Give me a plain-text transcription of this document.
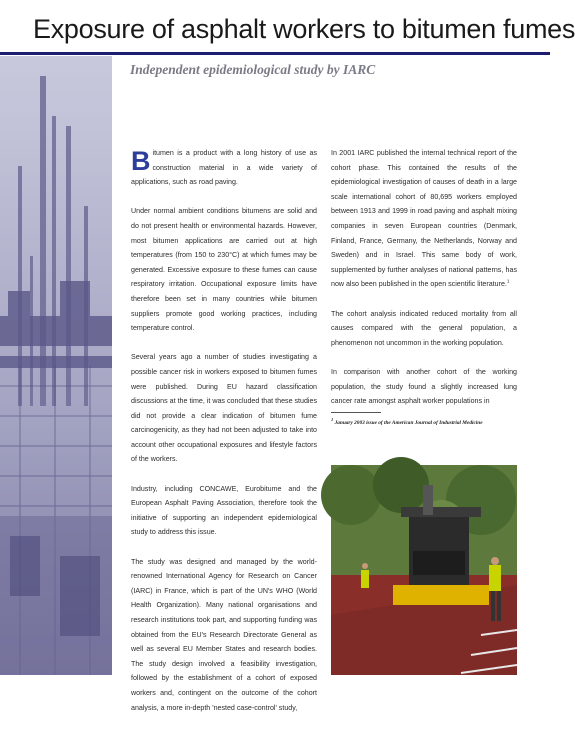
Exposure of asphalt workers to bitumen fumes
Independent epidemiological study by IARC

Bitumen is a product with a long history of use as construction material in a wide variety of applications, such as road paving.

Under normal ambient conditions bitumens are solid and do not present health or environmental hazards. However, most bitumen applications are carried out at high temperatures (from 150 to 230°C) at which fumes may be generated. Excessive exposure to these fumes can cause respiratory irritation. Occupational exposure limits have therefore been set in many countries while bitumen suppliers promote good working practices, including temperature control.

Several years ago a number of studies investigating a possible cancer risk in workers exposed to bitumen fumes were published. During EU hazard classification discussions at the time, it was concluded that these studies did not provide a clear indication of bitumen fume carcinogenicity, as they had not been adjusted to take into account other occupational exposures and lifestyle factors of the workers.

Industry, including CONCAWE, Eurobitume and the European Asphalt Paving Association, therefore took the initiative of supporting an independent epidemiological study to address this issue.

The study was designed and managed by the world-renowned International Agency for Research on Cancer (IARC) in France, which is part of the UN's WHO (World Health Organization). Many national organisations and research institutions took part, and supporting funding was obtained from the EU's Research Directorate General as well as several EU Member States and research bodies. The study design involved a feasibility investigation, followed by the establishment of a cohort of exposed workers and, contingent on the outcome of the cohort analysis, a more in-depth 'nested case-control' study,

In 2001 IARC published the internal technical report of the cohort phase. This contained the results of the epidemiological investigation of causes of death in a large scale international cohort of 80,695 workers employed between 1913 and 1999 in road paving and asphalt mixing companies in seven European countries (Denmark, Finland, France, Germany, the Netherlands, Norway and Sweden) and in Israel. This same body of work, supplemented by further analyses of national patterns, has now also been published in the open scientific literature.$^1$

The cohort analysis indicated reduced mortality from all causes compared with the general population, a phenomenon not uncommon in the working population.

In comparison with another cohort of the working population, the study found a slightly increased lung cancer rate amongst asphalt worker populations in

$^1$ January 2003 issue of the American Journal of Industrial Medicine
